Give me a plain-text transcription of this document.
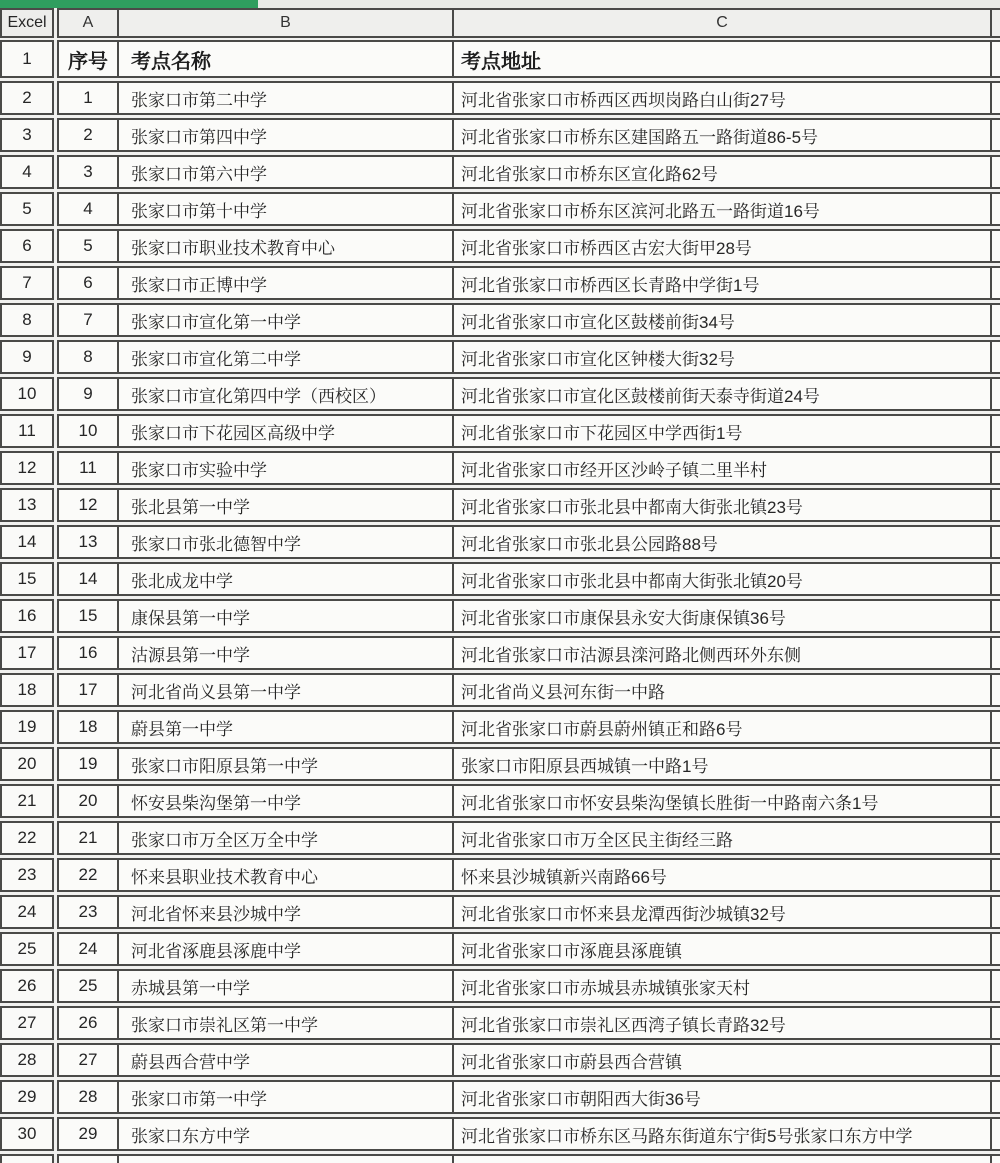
Excel	A	B	C
1	序号	考点名称	考点地址
2	1	张家口市第二中学	河北省张家口市桥西区西坝岗路白山街27号
3	2	张家口市第四中学	河北省张家口市桥东区建国路五一路街道86-5号
4	3	张家口市第六中学	河北省张家口市桥东区宣化路62号
5	4	张家口市第十中学	河北省张家口市桥东区滨河北路五一路街道16号
6	5	张家口市职业技术教育中心	河北省张家口市桥西区古宏大街甲28号
7	6	张家口市正博中学	河北省张家口市桥西区长青路中学街1号
8	7	张家口市宣化第一中学	河北省张家口市宣化区鼓楼前街34号
9	8	张家口市宣化第二中学	河北省张家口市宣化区钟楼大街32号
10	9	张家口市宣化第四中学（西校区）	河北省张家口市宣化区鼓楼前街天泰寺街道24号
11	10	张家口市下花园区高级中学	河北省张家口市下花园区中学西街1号
12	11	张家口市实验中学	河北省张家口市经开区沙岭子镇二里半村
13	12	张北县第一中学	河北省张家口市张北县中都南大街张北镇23号
14	13	张家口市张北德智中学	河北省张家口市张北县公园路88号
15	14	张北成龙中学	河北省张家口市张北县中都南大街张北镇20号
16	15	康保县第一中学	河北省张家口市康保县永安大街康保镇36号
17	16	沽源县第一中学	河北省张家口市沽源县滦河路北侧西环外东侧
18	17	河北省尚义县第一中学	河北省尚义县河东街一中路
19	18	蔚县第一中学	河北省张家口市蔚县蔚州镇正和路6号
20	19	张家口市阳原县第一中学	张家口市阳原县西城镇一中路1号
21	20	怀安县柴沟堡第一中学	河北省张家口市怀安县柴沟堡镇长胜街一中路南六条1号
22	21	张家口市万全区万全中学	河北省张家口市万全区民主街经三路
23	22	怀来县职业技术教育中心	怀来县沙城镇新兴南路66号
24	23	河北省怀来县沙城中学	河北省张家口市怀来县龙潭西街沙城镇32号
25	24	河北省涿鹿县涿鹿中学	河北省张家口市涿鹿县涿鹿镇
26	25	赤城县第一中学	河北省张家口市赤城县赤城镇张家天村
27	26	张家口市崇礼区第一中学	河北省张家口市崇礼区西湾子镇长青路32号
28	27	蔚县西合营中学	河北省张家口市蔚县西合营镇
29	28	张家口市第一中学	河北省张家口市朝阳西大街36号
30	29	张家口东方中学	河北省张家口市桥东区马路东街道东宁街5号张家口东方中学
